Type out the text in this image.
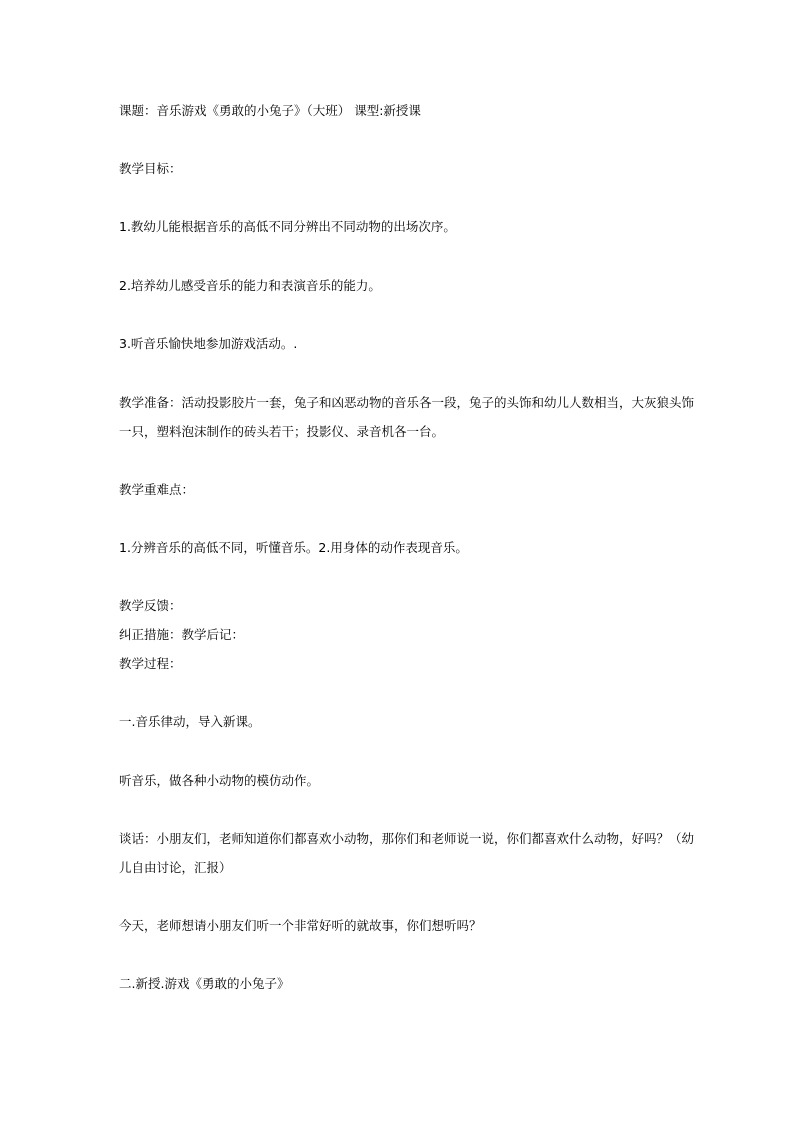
课题：音乐游戏《勇敢的小兔子》（大班） 课型:新授课
教学目标：
1.教幼儿能根据音乐的高低不同分辨出不同动物的出场次序。
2.培养幼儿感受音乐的能力和表演音乐的能力。
3.听音乐愉快地参加游戏活动。.
教学准备：活动投影胶片一套，兔子和凶恶动物的音乐各一段，兔子的头饰和幼儿人数相当，大灰狼头饰
一只，塑料泡沫制作的砖头若干；投影仪、录音机各一台。
教学重难点：
1.分辨音乐的高低不同，听懂音乐。2.用身体的动作表现音乐。
教学反馈：
纠正措施：教学后记：
教学过程：
一.音乐律动，导入新课。
听音乐，做各种小动物的模仿动作。
谈话：小朋友们，老师知道你们都喜欢小动物，那你们和老师说一说，你们都喜欢什么动物，好吗？（幼
儿自由讨论，汇报）
今天，老师想请小朋友们听一个非常好听的就故事，你们想听吗？
二.新授.游戏《勇敢的小兔子》
